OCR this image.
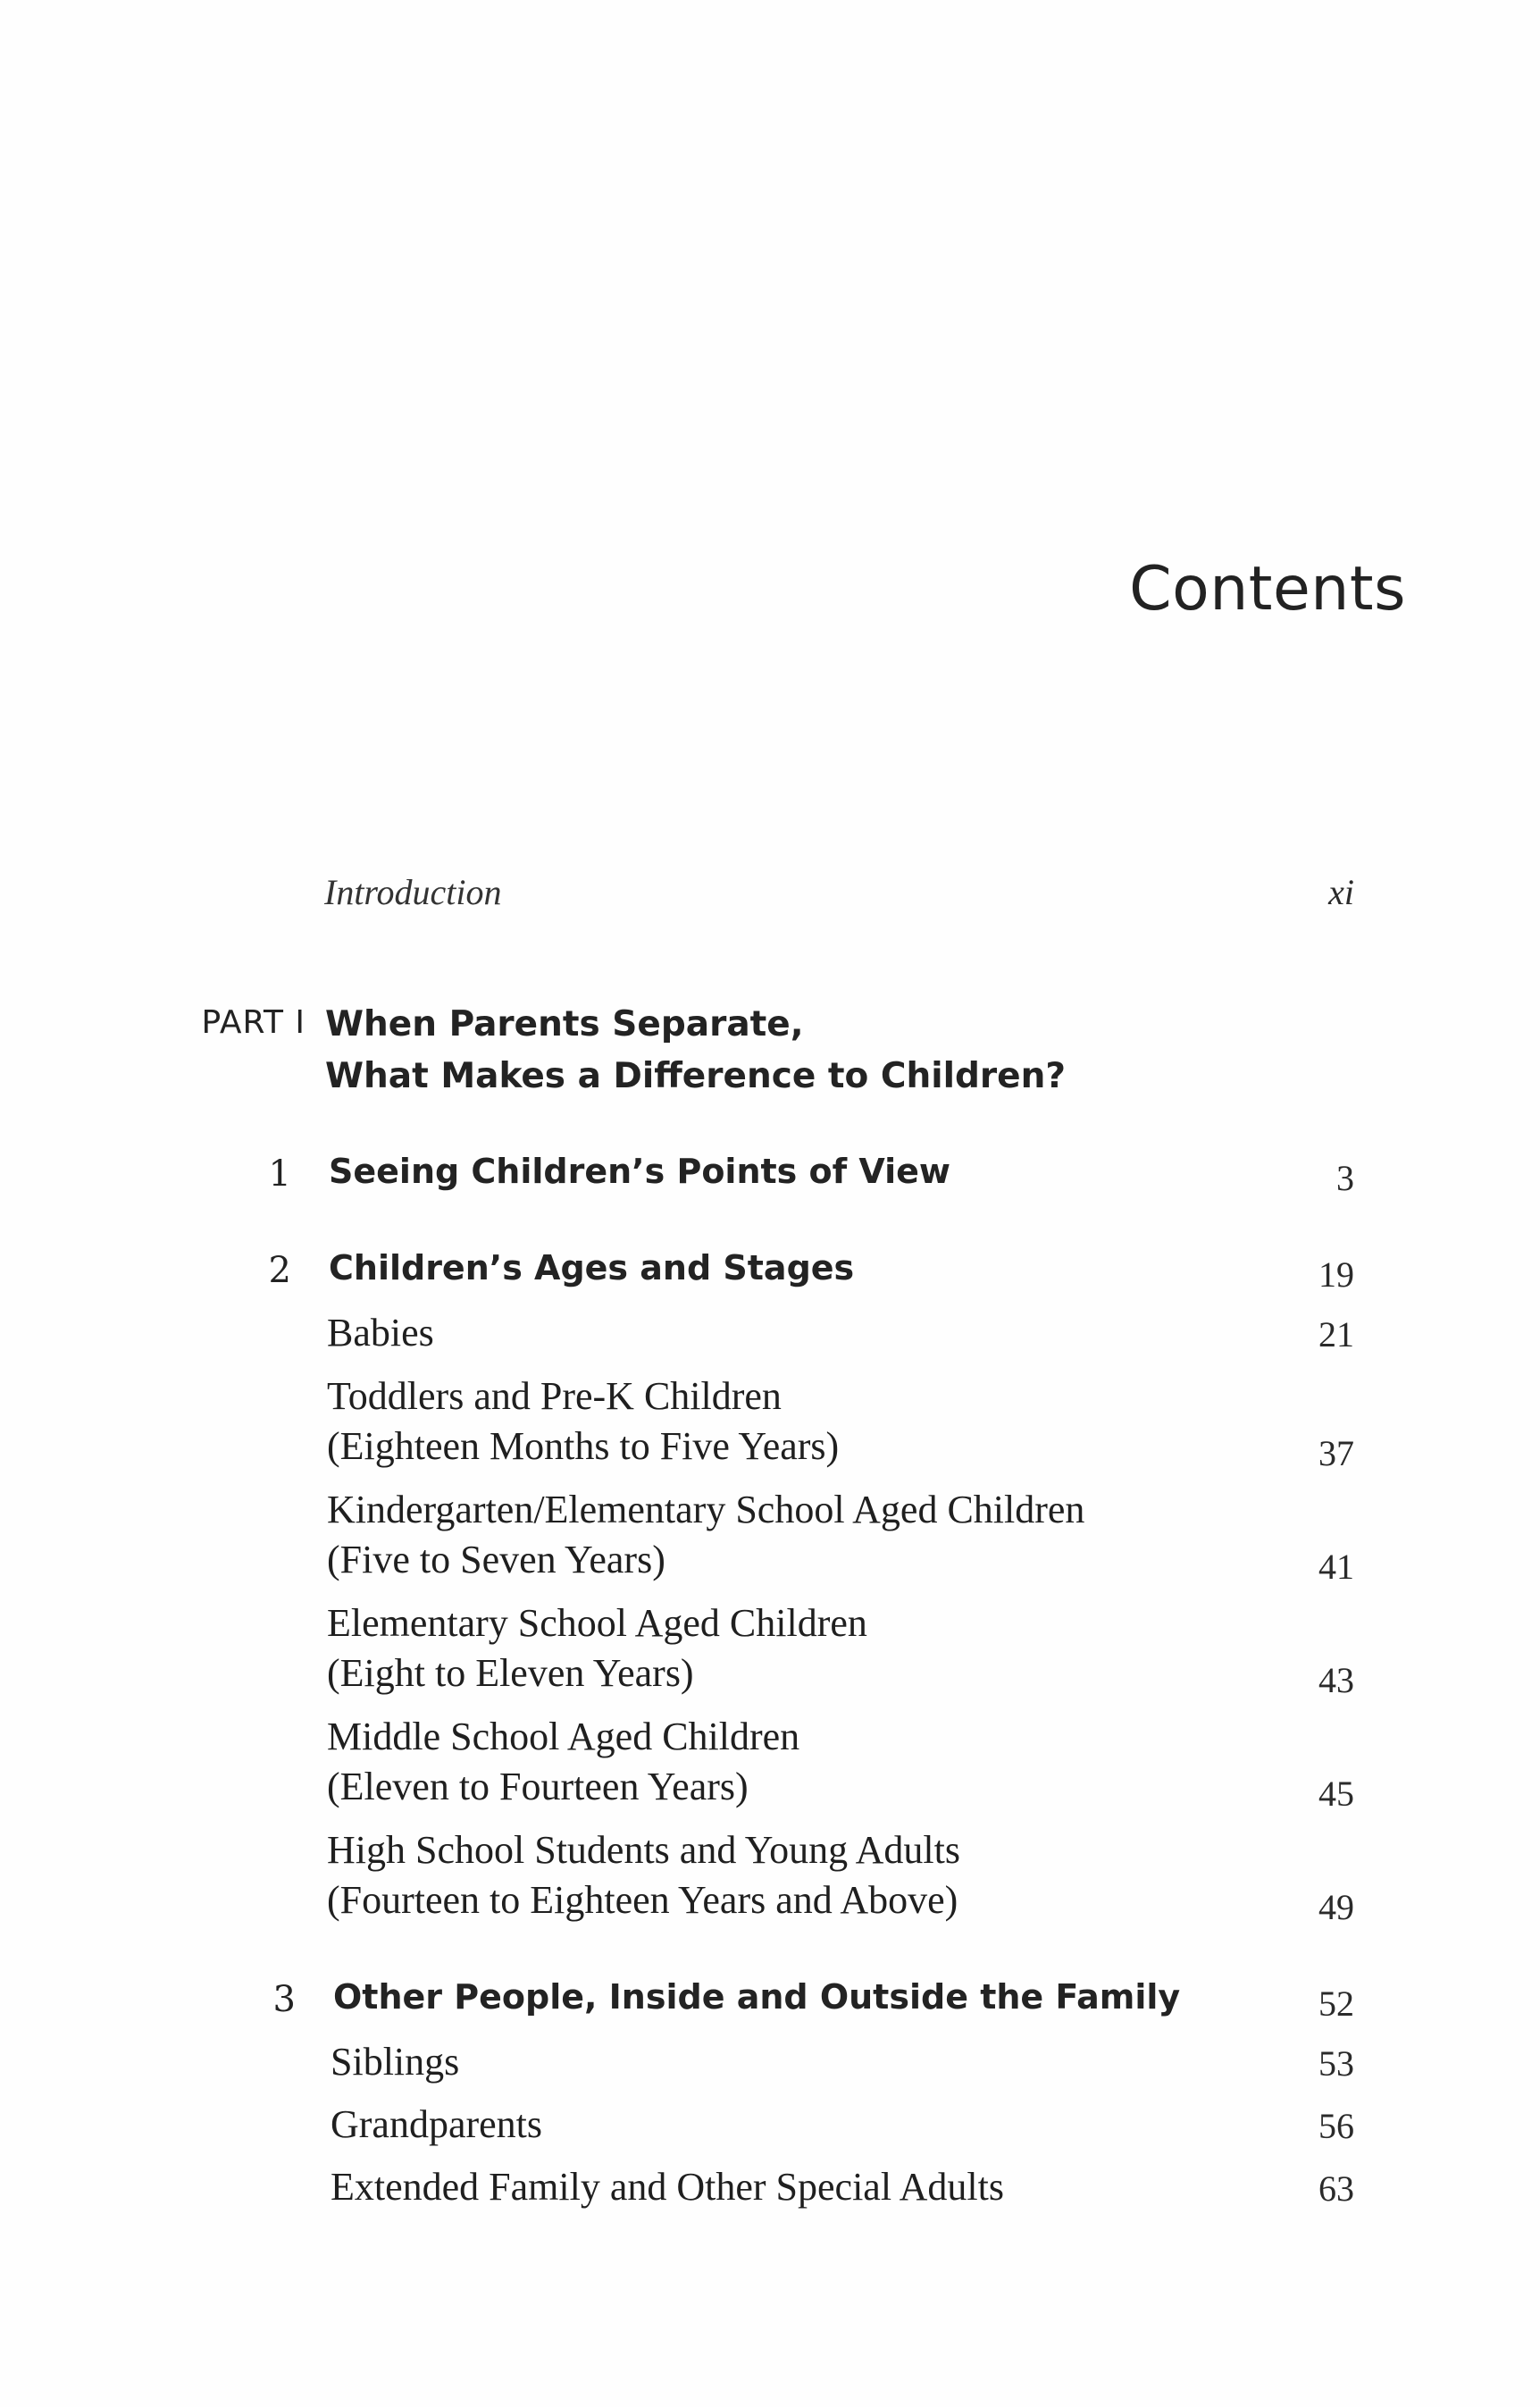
Contents
Introduction	xi
PART I When Parents Separate,
What Makes a Difference to Children?
1 Seeing Children’s Points of View	3
2 Children’s Ages and Stages	19
Babies	21
Toddlers and Pre-K Children
(Eighteen Months to Five Years)	37
Kindergarten/Elementary School Aged Children
(Five to Seven Years)	41
Elementary School Aged Children
(Eight to Eleven Years)	43
Middle School Aged Children
(Eleven to Fourteen Years)	45
High School Students and Young Adults
(Fourteen to Eighteen Years and Above)	49
3 Other People, Inside and Outside the Family	52
Siblings	53
Grandparents	56
Extended Family and Other Special Adults	63
